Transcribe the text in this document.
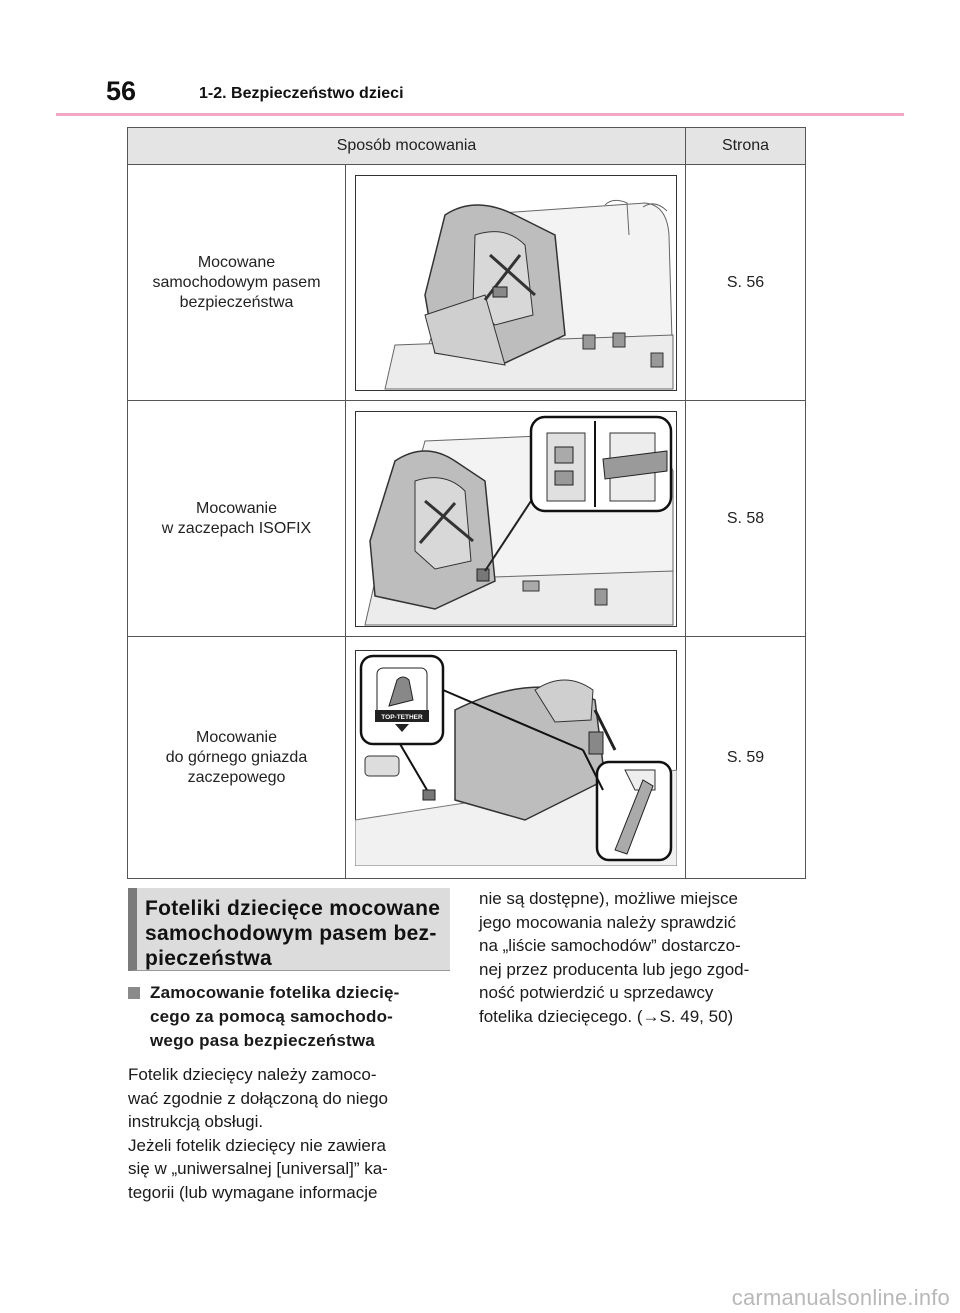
56	1-2. Bezpieczeństwo dzieci
Sposób mocowania		Strona
Mocowane
samochodowym pasem
bezpieczeństwa		S. 56
Mocowanie
w zaczepach ISOFIX		S. 58
Mocowanie
do górnego gniazda
zaczepowego	TOP-TETHER	S. 59
Foteliki dziecięce mocowane
samochodowym pasem bez-
pieczeństwa
Zamocowanie fotelika dziecię-
cego za pomocą samochodo-
wego pasa bezpieczeństwa
Fotelik dziecięcy należy zamoco-
wać zgodnie z dołączoną do niego
instrukcją obsługi.
Jeżeli fotelik dziecięcy nie zawiera
się w „uniwersalnej [universal]” ka-
tegorii (lub wymagane informacje
nie są dostępne), możliwe miejsce
jego mocowania należy sprawdzić
na „liście samochodów” dostarczo-
nej przez producenta lub jego zgod-
ność potwierdzić u sprzedawcy
fotelika dziecięcego. (→S. 49, 50)
carmanualsonline.info
